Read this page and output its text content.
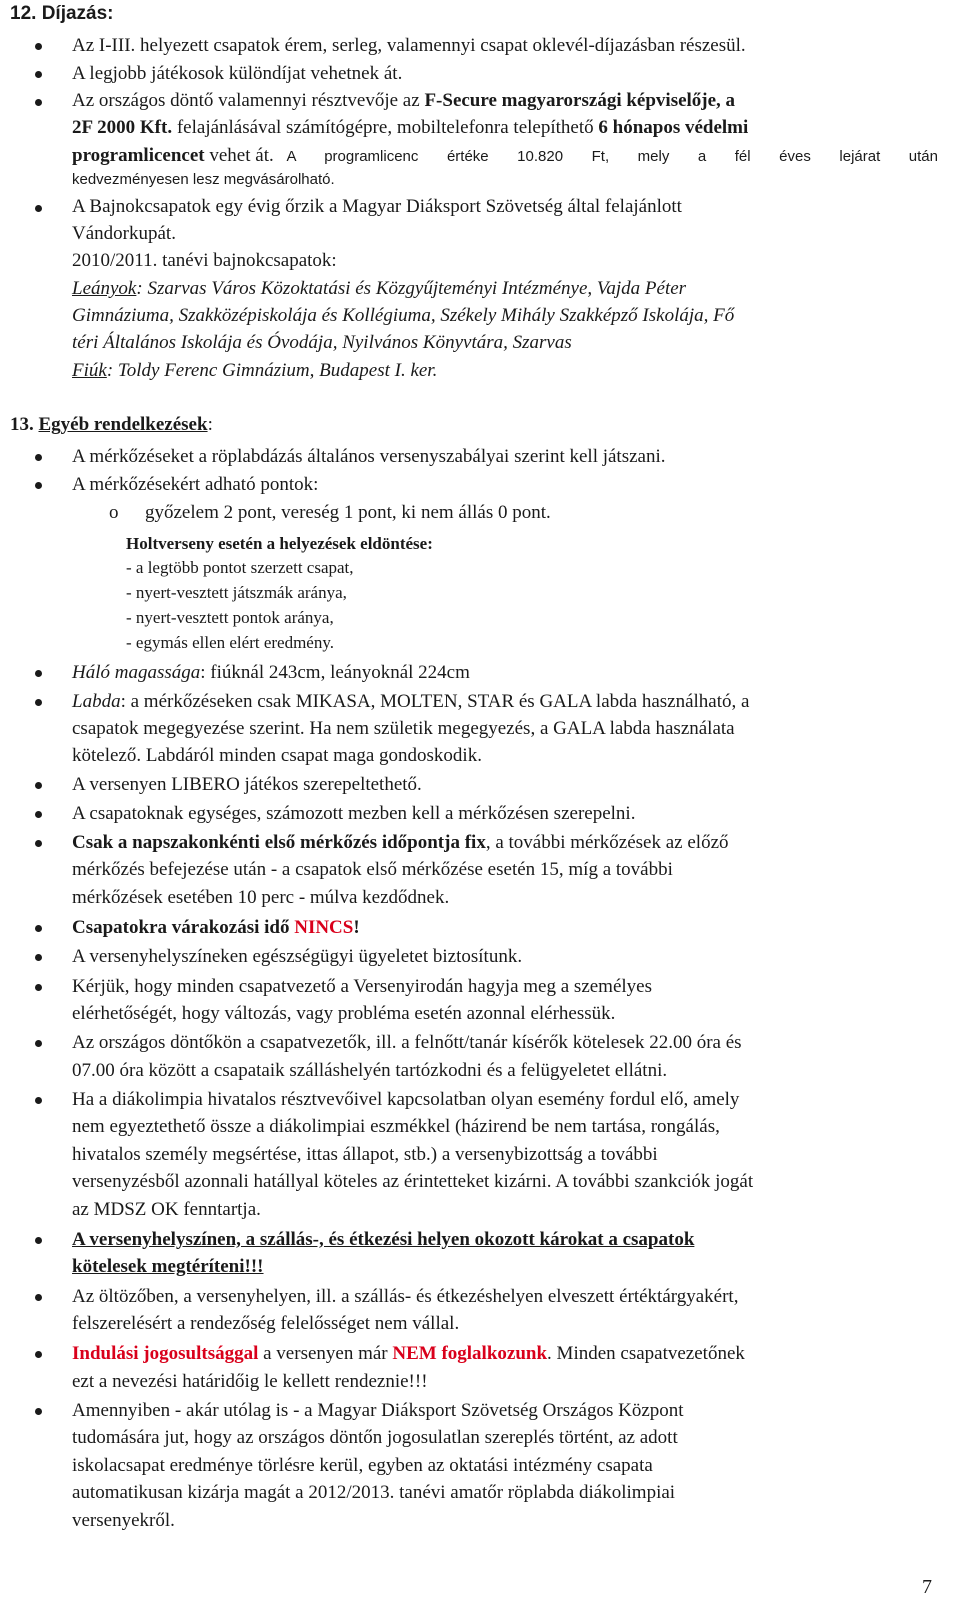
12. Díjazás:
Az I-III. helyezett csapatok érem, serleg, valamennyi csapat oklevél-díjazásban részesül.
A legjobb játékosok különdíjat vehetnek át.
Az országos döntő valamennyi résztvevője az F-Secure magyarországi képviselője, a
2F 2000 Kft. felajánlásával számítógépre, mobiltelefonra telepíthető 6 hónapos védelmi
programlicencet vehet át. A programlicenc értéke 10.820 Ft, mely a fél éves lejárat után
kedvezményesen lesz megvásárolható.
A Bajnokcsapatok egy évig őrzik a Magyar Diáksport Szövetség által felajánlott
Vándorkupát.
2010/2011. tanévi bajnokcsapatok:
Leányok: Szarvas Város Közoktatási és Közgyűjteményi Intézménye, Vajda Péter
Gimnáziuma, Szakközépiskolája és Kollégiuma, Székely Mihály Szakképző Iskolája, Fő
téri Általános Iskolája és Óvodája, Nyilvános Könyvtára, Szarvas
Fiúk: Toldy Ferenc Gimnázium, Budapest I. ker.
13. Egyéb rendelkezések:
A mérkőzéseket a röplabdázás általános versenyszabályai szerint kell játszani.
A mérkőzésekért adható pontok:
o győzelem 2 pont, vereség 1 pont, ki nem állás 0 pont.
Holtverseny esetén a helyezések eldöntése:
- a legtöbb pontot szerzett csapat,
- nyert-vesztett játszmák aránya,
- nyert-vesztett pontok aránya,
- egymás ellen elért eredmény.
Háló magassága: fiúknál 243cm, leányoknál 224cm
Labda: a mérkőzéseken csak MIKASA, MOLTEN, STAR és GALA labda használható, a
csapatok megegyezése szerint. Ha nem születik megegyezés, a GALA labda használata
kötelező. Labdáról minden csapat maga gondoskodik.
A versenyen LIBERO játékos szerepeltethető.
A csapatoknak egységes, számozott mezben kell a mérkőzésen szerepelni.
Csak a napszakonkénti első mérkőzés időpontja fix, a további mérkőzések az előző
mérkőzés befejezése után - a csapatok első mérkőzése esetén 15, míg a további
mérkőzések esetében 10 perc - múlva kezdődnek.
Csapatokra várakozási idő NINCS!
A versenyhelyszíneken egészségügyi ügyeletet biztosítunk.
Kérjük, hogy minden csapatvezető a Versenyirodán hagyja meg a személyes
elérhetőségét, hogy változás, vagy probléma esetén azonnal elérhessük.
Az országos döntőkön a csapatvezetők, ill. a felnőtt/tanár kísérők kötelesek 22.00 óra és
07.00 óra között a csapataik szálláshelyén tartózkodni és a felügyeletet ellátni.
Ha a diákolimpia hivatalos résztvevőivel kapcsolatban olyan esemény fordul elő, amely
nem egyeztethető össze a diákolimpiai eszmékkel (házirend be nem tartása, rongálás,
hivatalos személy megsértése, ittas állapot, stb.) a versenybizottság a további
versenyzésből azonnali hatállyal köteles az érintetteket kizárni. A további szankciók jogát
az MDSZ OK fenntartja.
A versenyhelyszínen, a szállás-, és étkezési helyen okozott károkat a csapatok
kötelesek megtéríteni!!!
Az öltözőben, a versenyhelyen, ill. a szállás- és étkezéshelyen elveszett értéktárgyakért,
felszerelésért a rendezőség felelősséget nem vállal.
Indulási jogosultsággal a versenyen már NEM foglalkozunk. Minden csapatvezetőnek
ezt a nevezési határidőig le kellett rendeznie!!!
Amennyiben - akár utólag is - a Magyar Diáksport Szövetség Országos Központ
tudomására jut, hogy az országos döntőn jogosulatlan szereplés történt, az adott
iskolacsapat eredménye törlésre kerül, egyben az oktatási intézmény csapata
automatikusan kizárja magát a 2012/2013. tanévi amatőr röplabda diákolimpiai
versenyekről.
7
